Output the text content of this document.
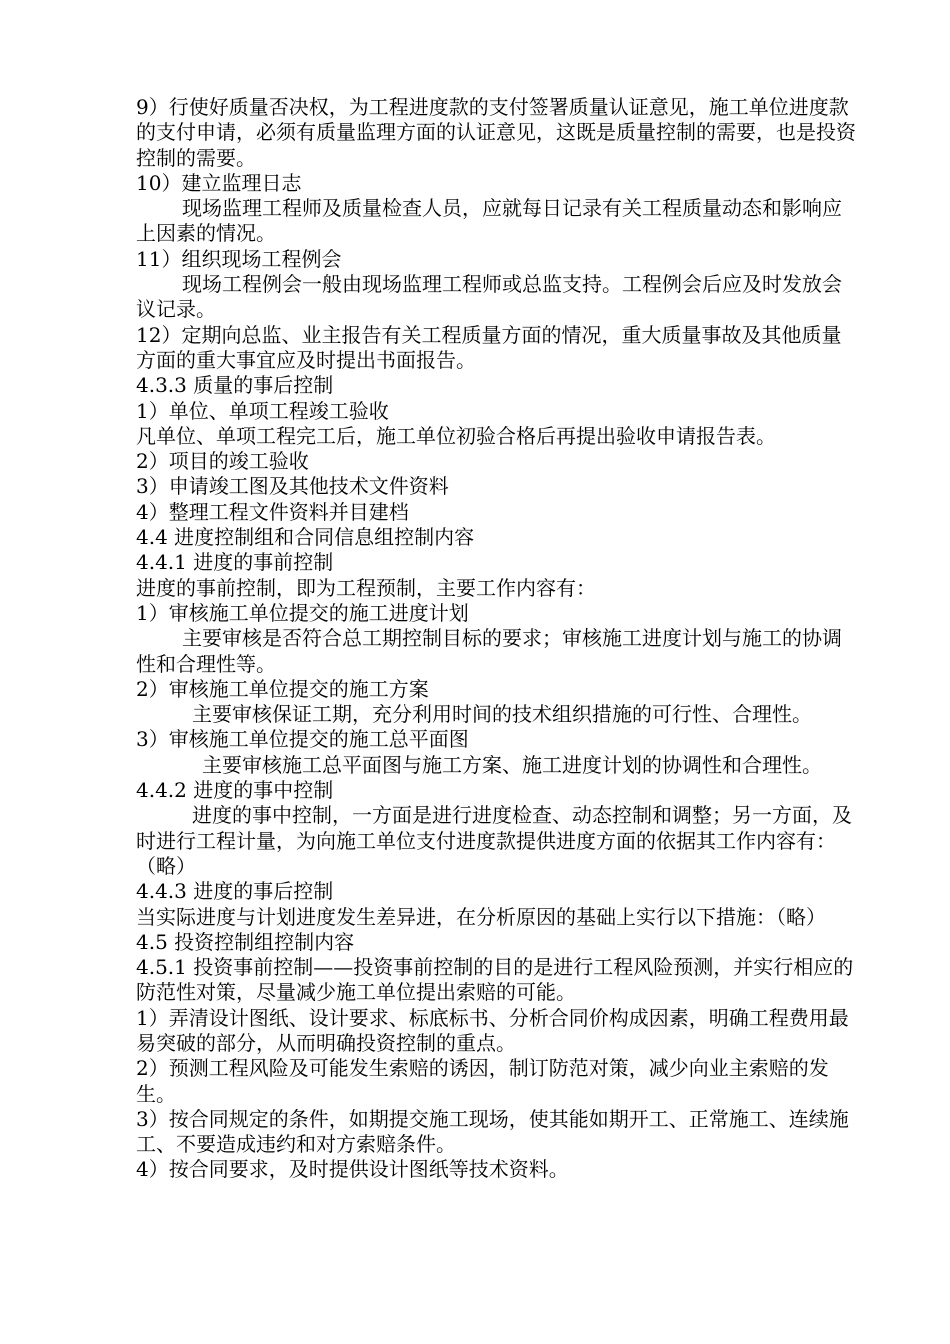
9）行使好质量否决权，为工程进度款的支付签署质量认证意见，施工单位进度款的支付申请，必须有质量监理方面的认证意见，这既是质量控制的需要，也是投资控制的需要。

10）建立监理日志

现场监理工程师及质量检查人员，应就每日记录有关工程质量动态和影响应上因素的情况。

11）组织现场工程例会

现场工程例会一般由现场监理工程师或总监支持。工程例会后应及时发放会议记录。

12）定期向总监、业主报告有关工程质量方面的情况，重大质量事故及其他质量方面的重大事宜应及时提出书面报告。

4.3.3 质量的事后控制

1）单位、单项工程竣工验收

凡单位、单项工程完工后，施工单位初验合格后再提出验收申请报告表。

2）项目的竣工验收

3）申请竣工图及其他技术文件资料

4）整理工程文件资料并目建档

4.4 进度控制组和合同信息组控制内容

4.4.1 进度的事前控制

进度的事前控制，即为工程预制，主要工作内容有：

1）审核施工单位提交的施工进度计划

主要审核是否符合总工期控制目标的要求；审核施工进度计划与施工的协调性和合理性等。

2）审核施工单位提交的施工方案

主要审核保证工期，充分利用时间的技术组织措施的可行性、合理性。

3）审核施工单位提交的施工总平面图

主要审核施工总平面图与施工方案、施工进度计划的协调性和合理性。

4.4.2 进度的事中控制

进度的事中控制，一方面是进行进度检查、动态控制和调整；另一方面，及时进行工程计量，为向施工单位支付进度款提供进度方面的依据其工作内容有：（略）

4.4.3 进度的事后控制

当实际进度与计划进度发生差异进，在分析原因的基础上实行以下措施：（略）

4.5 投资控制组控制内容

4.5.1 投资事前控制——投资事前控制的目的是进行工程风险预测，并实行相应的防范性对策，尽量减少施工单位提出索赔的可能。

1）弄清设计图纸、设计要求、标底标书、分析合同价构成因素，明确工程费用最易突破的部分，从而明确投资控制的重点。

2）预测工程风险及可能发生索赔的诱因，制订防范对策，减少向业主索赔的发生。

3）按合同规定的条件，如期提交施工现场，使其能如期开工、正常施工、连续施工、不要造成违约和对方索赔条件。

4）按合同要求，及时提供设计图纸等技术资料。
